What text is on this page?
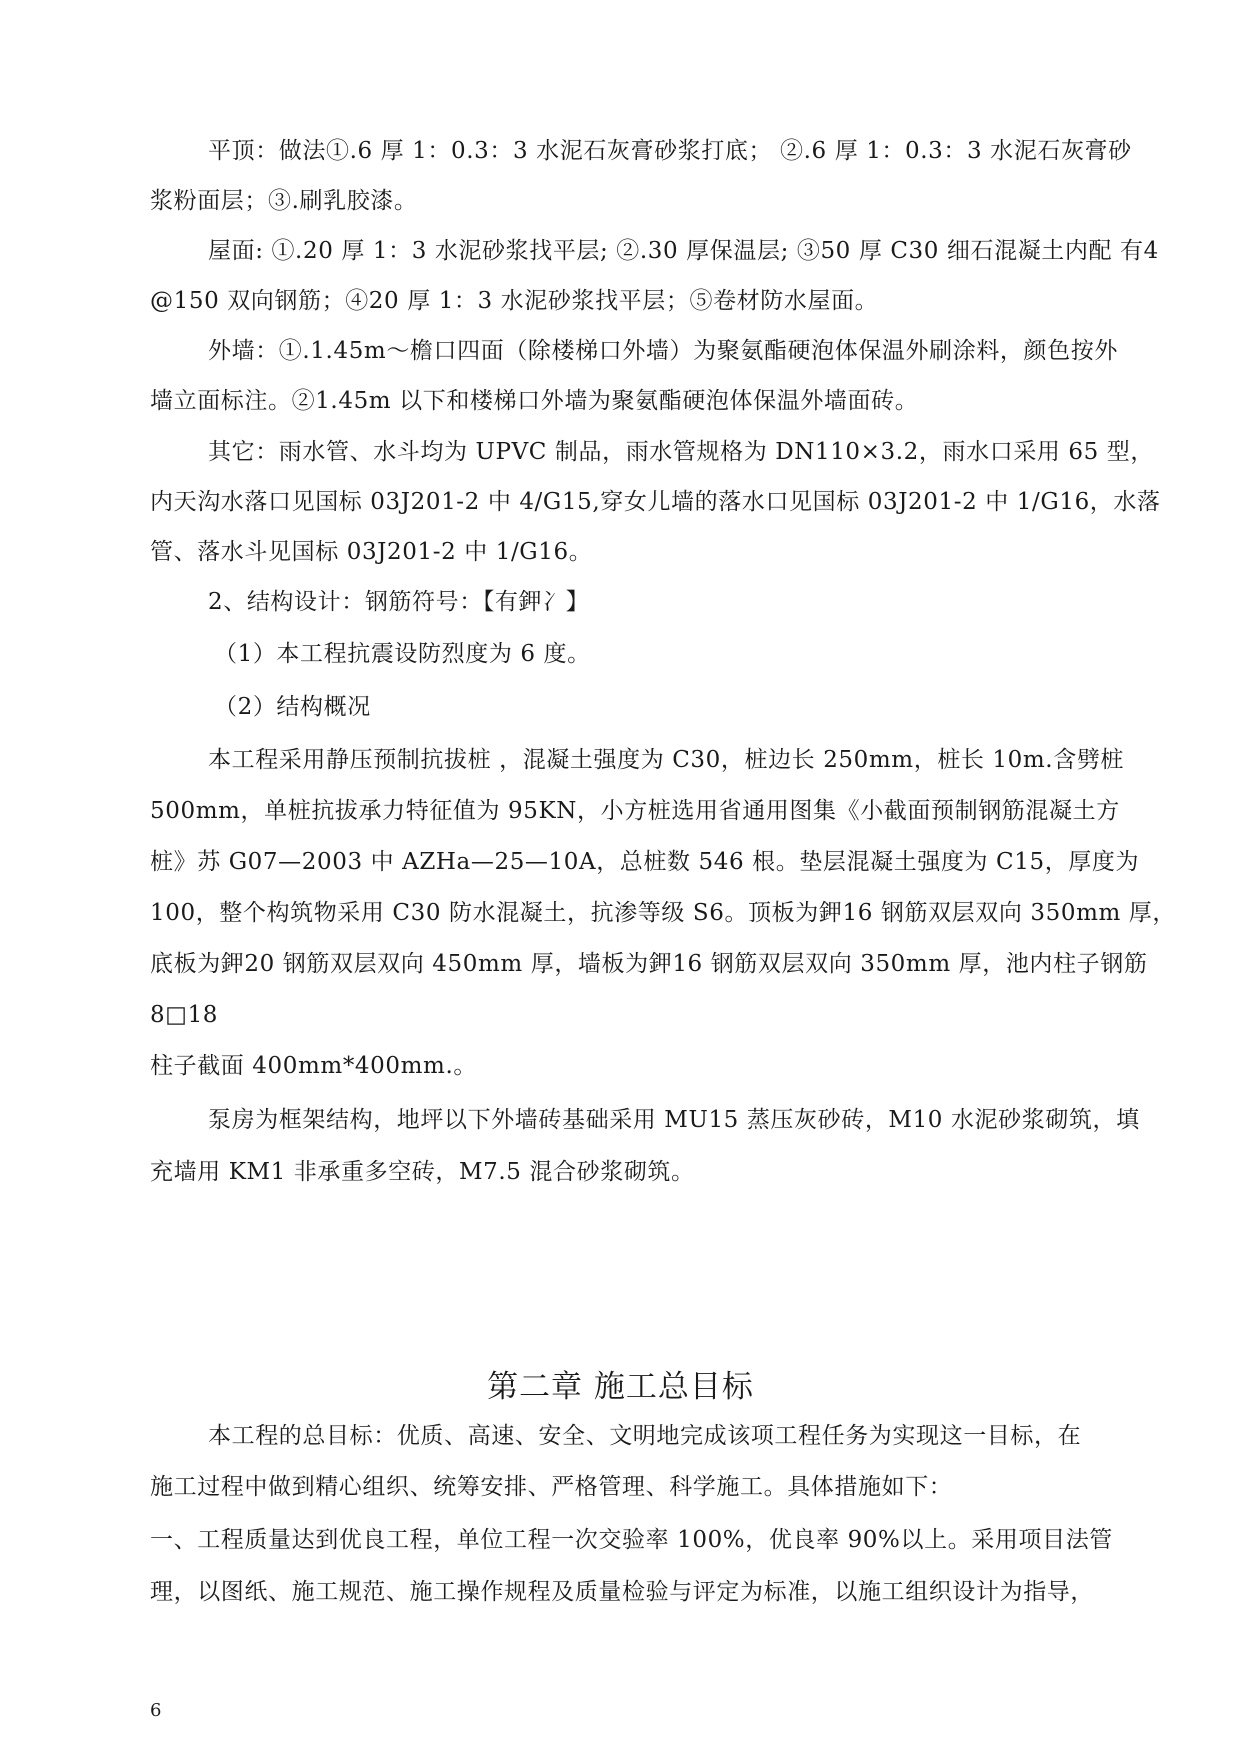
平顶：做法①.6 厚 1：0.3：3 水泥石灰膏砂浆打底； ②.6 厚 1：0.3：3 水泥石灰膏砂
浆粉面层；③.刷乳胶漆。
屋面: ①.20 厚 1：3 水泥砂浆找平层; ②.30 厚保温层; ③50 厚 C30 细石混凝土内配 有4
@150 双向钢筋；④20 厚 1：3 水泥砂浆找平层；⑤卷材防水屋面。
外墙：①.1.45m～檐口四面（除楼梯口外墙）为聚氨酯硬泡体保温外刷涂料，颜色按外
墙立面标注。②1.45m 以下和楼梯口外墙为聚氨酯硬泡体保温外墙面砖。
其它：雨水管、水斗均为 UPVC 制品，雨水管规格为 DN110×3.2，雨水口采用 65 型，
内天沟水落口见国标 03J201-2 中 4/G15,穿女儿墙的落水口见国标 03J201-2 中 1/G16，水落
管、落水斗见国标 03J201-2 中 1/G16。
2、结构设计：钢筋符号：【有鉀冫】
（1）本工程抗震设防烈度为 6 度。
（2）结构概况
本工程采用静压预制抗拔桩 ，混凝土强度为 C30，桩边长 250mm，桩长 10m.含劈桩
500mm，单桩抗拔承力特征值为 95KN，小方桩选用省通用图集《小截面预制钢筋混凝土方
桩》苏 G07—2003 中 AZHa—25—10A，总桩数 546 根。垫层混凝土强度为 C15，厚度为
100，整个构筑物采用 C30 防水混凝土，抗渗等级 S6。顶板为鉀16 钢筋双层双向 350mm 厚，
底板为鉀20 钢筋双层双向 450mm 厚，墙板为鉀16 钢筋双层双向 350mm 厚，池内柱子钢筋
8□18
柱子截面 400mm*400mm.。
泵房为框架结构，地坪以下外墙砖基础采用 MU15 蒸压灰砂砖，M10 水泥砂浆砌筑，填
充墙用 KM1 非承重多空砖，M7.5 混合砂浆砌筑。
第二章 施工总目标
本工程的总目标：优质、高速、安全、文明地完成该项工程任务为实现这一目标，在
施工过程中做到精心组织、统筹安排、严格管理、科学施工。具体措施如下：
一、工程质量达到优良工程，单位工程一次交验率 100%，优良率 90%以上。采用项目法管
理，以图纸、施工规范、施工操作规程及质量检验与评定为标准，以施工组织设计为指导，
6
